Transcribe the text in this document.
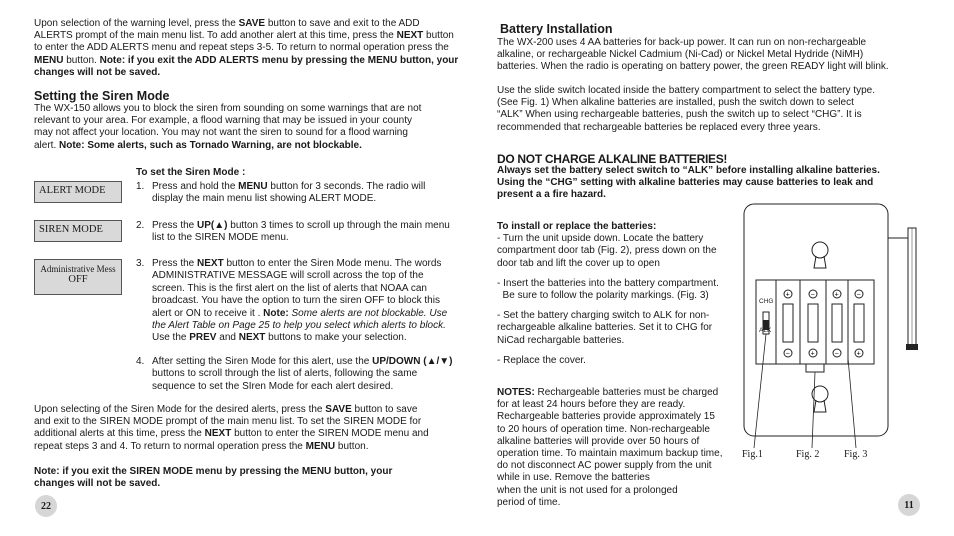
Upon selection of the warning level, press the SAVE button to save and exit to the ADD
ALERTS prompt of the main menu list. To add another alert at this time, press the NEXT button
to enter the ADD ALERTS menu and repeat steps 3-5. To return to normal operation press the
MENU button. Note: if you exit the ADD ALERTS menu by pressing the MENU button, your
changes will not be saved.
Setting the Siren Mode
The WX-150 allows you to block the siren from sounding on some warnings that are not
relevant to your area. For example, a flood warning that may be issued in your county
may not affect your location. You may not want the siren to sound for a flood warning
alert. Note: Some alerts, such as Tornado Warning, are not blockable.
To set the Siren Mode :
ALERT MODE
SIREN MODE
Administrative Mess
OFF
1. Press and hold the MENU button for 3 seconds. The radio will
display the main menu list showing ALERT MODE.
2. Press the UP(▲) button 3 times to scroll up through the main menu
list to the SIREN MODE menu.
3. Press the NEXT button to enter the Siren Mode menu. The words
ADMINISTRATIVE MESSAGE will scroll across the top of the
screen. This is the first alert on the list of alerts that NOAA can
broadcast. You have the option to turn the siren OFF to block this
alert or ON to receive it . Note: Some alerts are not blockable. Use
the Alert Table on Page 25 to help you select which alerts to block.
Use the PREV and NEXT buttons to make your selection.
4. After setting the Siren Mode for this alert, use the UP/DOWN (▲/▼)
buttons to scroll through the list of alerts, following the same
sequence to set the SIren Mode for each alert desired.
Upon selecting of the Siren Mode for the desired alerts, press the SAVE button to save
and exit to the SIREN MODE prompt of the main menu list. To set the SIREN MODE for
additional alerts at this time, press the NEXT button to enter the SIREN MODE menu and
repeat steps 3 and 4. To return to normal operation press the MENU button.
Note: if you exit the SIREN MODE menu by pressing the MENU button, your
changes will not be saved.
22
Battery Installation
The WX-200 uses 4 AA batteries for back-up power. It can run on non-rechargeable
alkaline, or rechargeable Nickel Cadmium (Ni-Cad) or Nickel Metal Hydride (NiMH)
batteries. When the radio is operating on battery power, the green READY light will blink.
Use the slide switch located inside the battery compartment to select the battery type.
(See Fig. 1) When alkaline batteries are installed, push the switch down to select
“ALK” When using rechargeable batteries, push the switch up to select “CHG”. It is
recommended that rechargeable batteries be replaced every three years.
DO NOT CHARGE ALKALINE BATTERIES!
Always set the battery select switch to “ALK” before installing alkaline batteries.
Using the “CHG” setting with alkaline batteries may cause batteries to leak and
present a a fire hazard.
To install or replace the batteries:
- Turn the unit upside down. Locate the battery
compartment door tab (Fig. 2), press down on the
door tab and lift the cover up to open
- Insert the batteries into the battery compartment.
Be sure to follow the polarity markings. (Fig. 3)
- Set the battery charging switch to ALK for non-
rechargeable alkaline batteries. Set it to CHG for
NiCad rechargable batteries.
- Replace the cover.
NOTES: Rechargeable batteries must be charged
for at least 24 hours before they are ready.
Rechargeable batteries provide approximately 15
to 20 hours of operation time. Non-rechargeable
alkaline batteries will provide over 50 hours of
operation time. To maintain maximum backup time,
do not disconnect AC power supply from the unit
while in use. Remove the batteries
when the unit is not used for a prolonged
period of time.
CHG
ALK
+
−
−
+
+
−
−
+
Fig.1	Fig. 2 Fig. 3
11
